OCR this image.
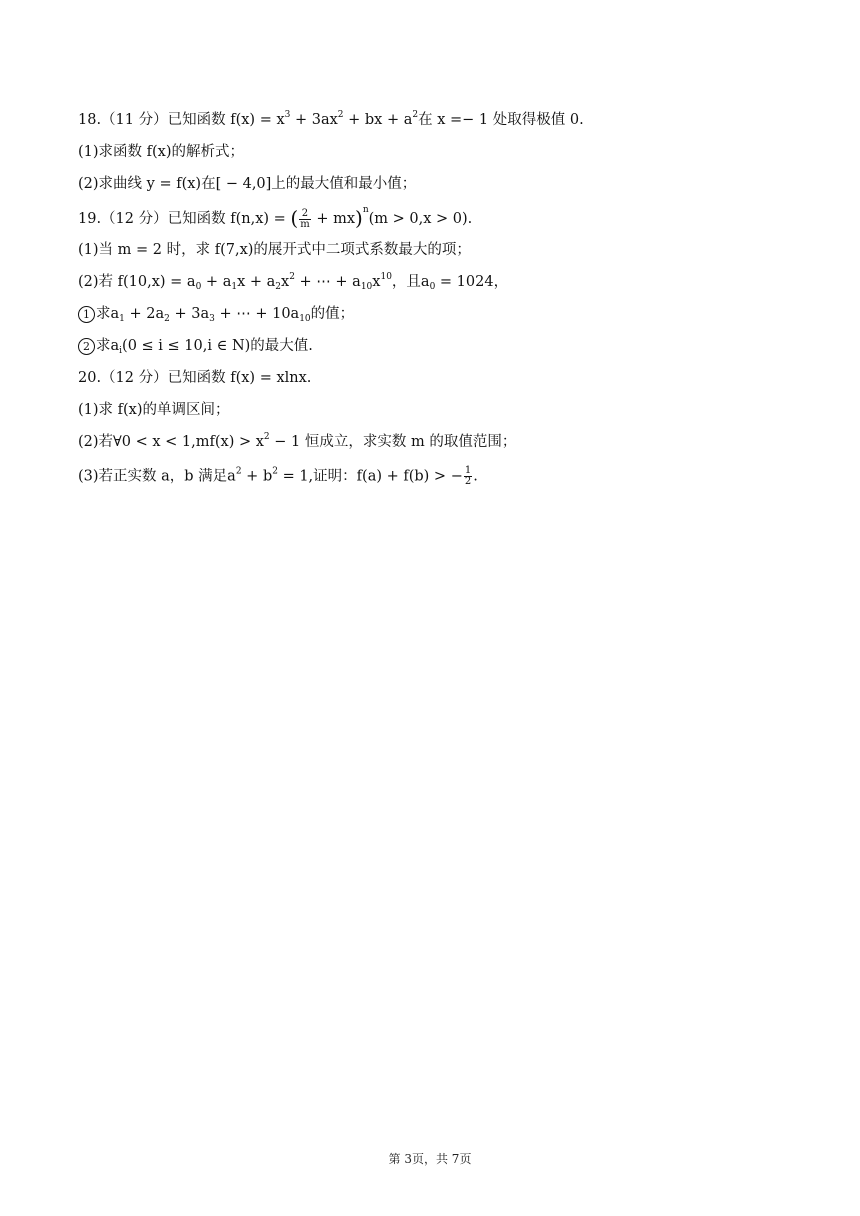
18.（11 分）已知函数 $f(x) = x^3 + 3ax^2$ + bx + $a^2$在 x =− 1 处取得极值 0.

(1)求函数 f(x)的解析式；

(2)求曲线 y = f(x)在[ − 4,0]上的最大值和最小值；

19.（12 分）已知函数 f(n,x) = ( $\frac{2}{m} + mx)^n(m > 0,x > 0)$.

(1)当 m = 2 时，求 f(7,x)的展开式中二项式系数最大的项；

(2)若 $f(10,x) = a_0 + a_1x + a_2x^2$ + ⋯ + $a_{10}x^{10}$，且$a_0 = 1024$，

1 求$a_1 + 2a_2 + 3a_3$ + ⋯ + $10a_{10}$的值；

2 求$a_i(0 \le i \le 10,i$ ∈ N)的最大值.

20.（12 分）已知函数 f(x) = xlnx.

(1)求 f(x)的单调区间；

(2)若∀0 < $x < 1,mf(x) > x^2 - 1$ 恒成立，求实数 m 的取值范围；

(3)若正实数 a，b 满足$a^2 + b^2 = 1$,证明：f(a) + f(b) > − $\frac{1}{2}$ .

第 3页，共 7页
